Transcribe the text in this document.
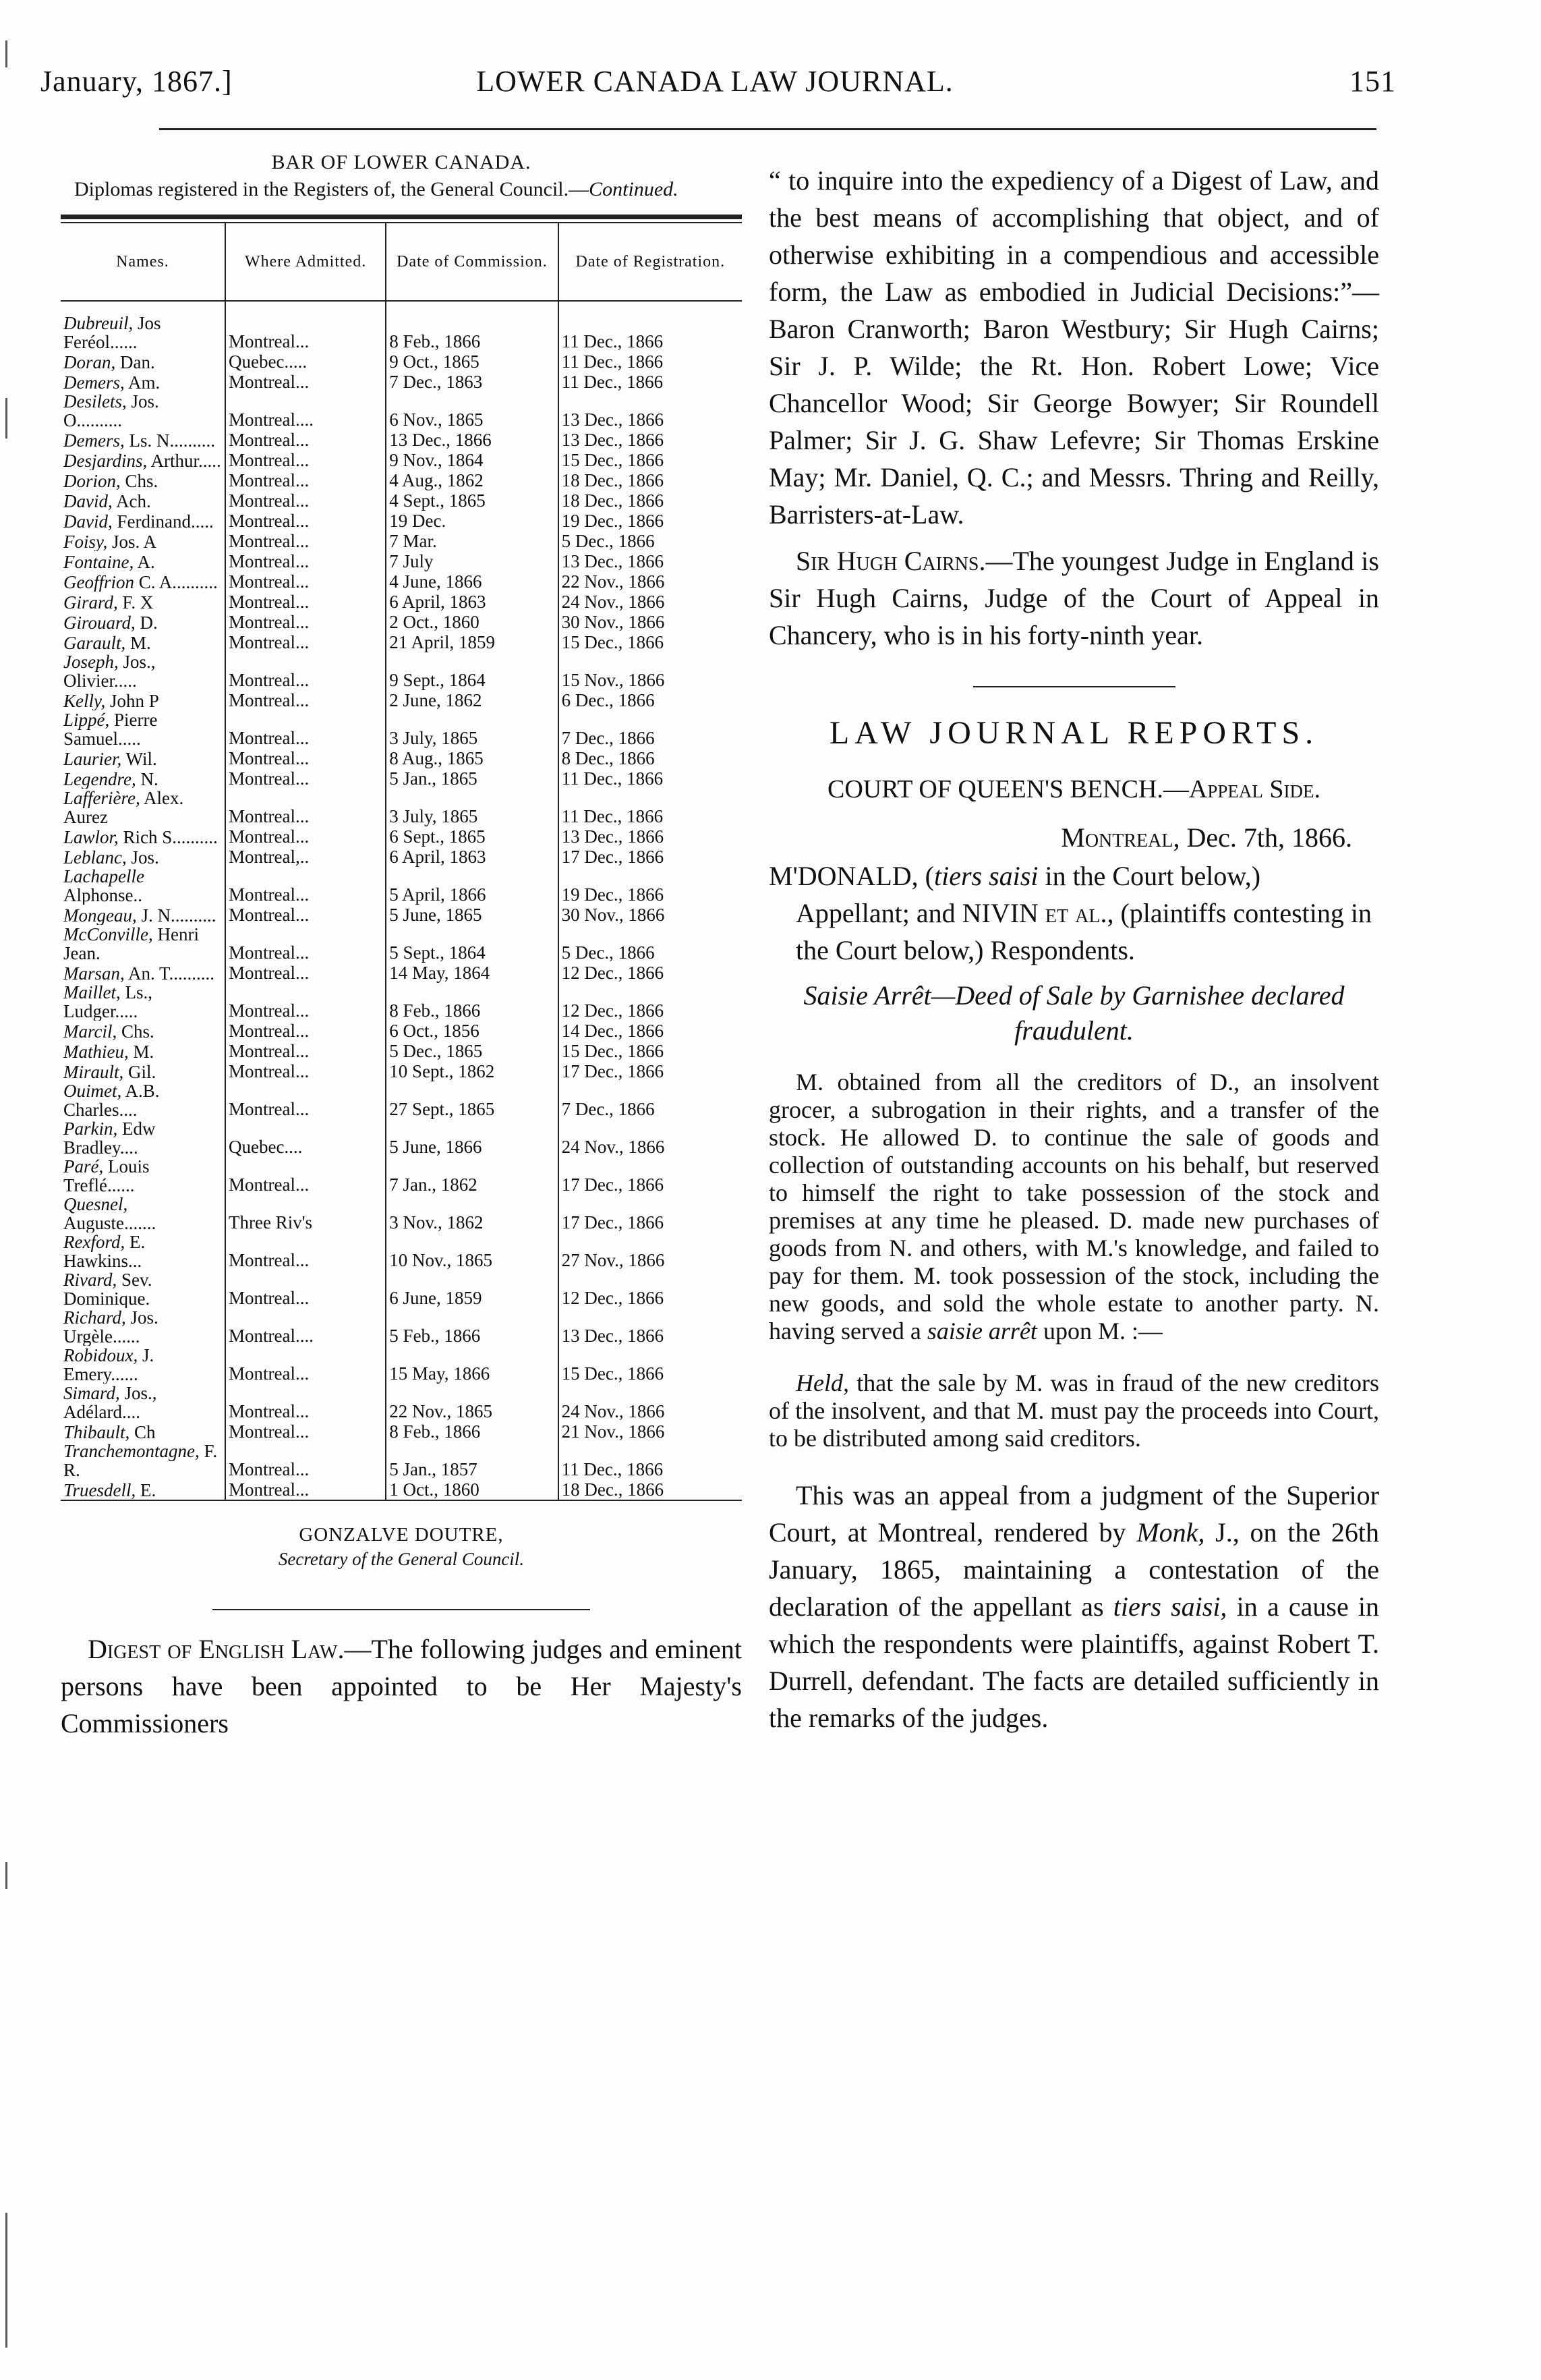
January, 1867.]	LOWER CANADA LAW JOURNAL.	151
BAR OF LOWER CANADA.
Diplomas registered in the Registers of, the General Council.—Continued.
Names.	Where Admitted.	Date of Commission.	Date of Registration.
Dubreuil, Jos Feréol......	Montreal...	8 Feb., 1866	11 Dec., 1866
Doran, Dan.	Quebec.....	9 Oct., 1865	11 Dec., 1866
Demers, Am.	Montreal...	7 Dec., 1863	11 Dec., 1866
Desilets, Jos. O..........	Montreal....	6 Nov., 1865	13 Dec., 1866
Demers, Ls. N..........	Montreal...	13 Dec., 1866	13 Dec., 1866
Desjardins, Arthur.....	Montreal...	9 Nov., 1864	15 Dec., 1866
Dorion, Chs.	Montreal...	4 Aug., 1862	18 Dec., 1866
David, Ach.	Montreal...	4 Sept., 1865	18 Dec., 1866
David, Ferdinand.....	Montreal...	19 Dec.	19 Dec., 1866
Foisy, Jos. A	Montreal...	7 Mar.	5 Dec., 1866
Fontaine, A.	Montreal...	7 July	13 Dec., 1866
Geoffrion C. A..........	Montreal...	4 June, 1866	22 Nov., 1866
Girard, F. X	Montreal...	6 April, 1863	24 Nov., 1866
Girouard, D.	Montreal...	2 Oct., 1860	30 Nov., 1866
Garault, M.	Montreal...	21 April, 1859	15 Dec., 1866
Joseph, Jos., Olivier.....	Montreal...	9 Sept., 1864	15 Nov., 1866
Kelly, John P	Montreal...	2 June, 1862	6 Dec., 1866
Lippé, Pierre Samuel.....	Montreal...	3 July, 1865	7 Dec., 1866
Laurier, Wil.	Montreal...	8 Aug., 1865	8 Dec., 1866
Legendre, N.	Montreal...	5 Jan., 1865	11 Dec., 1866
Lafferière, Alex. Aurez	Montreal...	3 July, 1865	11 Dec., 1866
Lawlor, Rich S..........	Montreal...	6 Sept., 1865	13 Dec., 1866
Leblanc, Jos.	Montreal,..	6 April, 1863	17 Dec., 1866
Lachapelle Alphonse..	Montreal...	5 April, 1866	19 Dec., 1866
Mongeau, J. N..........	Montreal...	5 June, 1865	30 Nov., 1866
McConville, Henri Jean.	Montreal...	5 Sept., 1864	5 Dec., 1866
Marsan, An. T..........	Montreal...	14 May, 1864	12 Dec., 1866
Maillet, Ls., Ludger.....	Montreal...	8 Feb., 1866	12 Dec., 1866
Marcil, Chs.	Montreal...	6 Oct., 1856	14 Dec., 1866
Mathieu, M.	Montreal...	5 Dec., 1865	15 Dec., 1866
Mirault, Gil.	Montreal...	10 Sept., 1862	17 Dec., 1866
Ouimet, A.B. Charles....	Montreal...	27 Sept., 1865	7 Dec., 1866
Parkin, Edw Bradley....	Quebec....	5 June, 1866	24 Nov., 1866
Paré, Louis Treflé......	Montreal...	7 Jan., 1862	17 Dec., 1866
Quesnel, Auguste.......	Three Riv's	3 Nov., 1862	17 Dec., 1866
Rexford, E. Hawkins...	Montreal...	10 Nov., 1865	27 Nov., 1866
Rivard, Sev. Dominique.	Montreal...	6 June, 1859	12 Dec., 1866
Richard, Jos. Urgèle......	Montreal....	5 Feb., 1866	13 Dec., 1866
Robidoux, J. Emery......	Montreal...	15 May, 1866	15 Dec., 1866
Simard, Jos., Adélard....	Montreal...	22 Nov., 1865	24 Nov., 1866
Thibault, Ch	Montreal...	8 Feb., 1866	21 Nov., 1866
Tranchemontagne, F. R.	Montreal...	5 Jan., 1857	11 Dec., 1866
Truesdell, E.	Montreal...	1 Oct., 1860	18 Dec., 1866
GONZALVE DOUTRE,
Secretary of the General Council.

Digest of English Law.—The following judges and eminent persons have been appointed to be Her Majesty's Commissioners

“ to inquire into the expediency of a Digest of Law, and the best means of accomplishing that object, and of otherwise exhibiting in a compendious and accessible form, the Law as embodied in Judicial Decisions:”—Baron Cranworth; Baron Westbury; Sir Hugh Cairns; Sir J. P. Wilde; the Rt. Hon. Robert Lowe; Vice Chancellor Wood; Sir George Bowyer; Sir Roundell Palmer; Sir J. G. Shaw Lefevre; Sir Thomas Erskine May; Mr. Daniel, Q. C.; and Messrs. Thring and Reilly, Barristers-at-Law.

Sir Hugh Cairns.—The youngest Judge in England is Sir Hugh Cairns, Judge of the Court of Appeal in Chancery, who is in his forty-ninth year.

LAW JOURNAL REPORTS.
COURT OF QUEEN'S BENCH.—Appeal Side.
Montreal, Dec. 7th, 1866.
M'DONALD, (tiers saisi in the Court below,) Appellant; and NIVIN et al., (plaintiffs contesting in the Court below,) Respondents.
Saisie Arrêt—Deed of Sale by Garnishee declared fraudulent.

M. obtained from all the creditors of D., an insolvent grocer, a subrogation in their rights, and a transfer of the stock. He allowed D. to continue the sale of goods and collection of outstanding accounts on his behalf, but reserved to himself the right to take possession of the stock and premises at any time he pleased. D. made new purchases of goods from N. and others, with M.'s knowledge, and failed to pay for them. M. took possession of the stock, including the new goods, and sold the whole estate to another party. N. having served a saisie arrêt upon M. :—

Held, that the sale by M. was in fraud of the new creditors of the insolvent, and that M. must pay the proceeds into Court, to be distributed among said creditors.

This was an appeal from a judgment of the Superior Court, at Montreal, rendered by Monk, J., on the 26th January, 1865, maintaining a contestation of the declaration of the appellant as tiers saisi, in a cause in which the respondents were plaintiffs, against Robert T. Durrell, defendant. The facts are detailed sufficiently in the remarks of the judges.
